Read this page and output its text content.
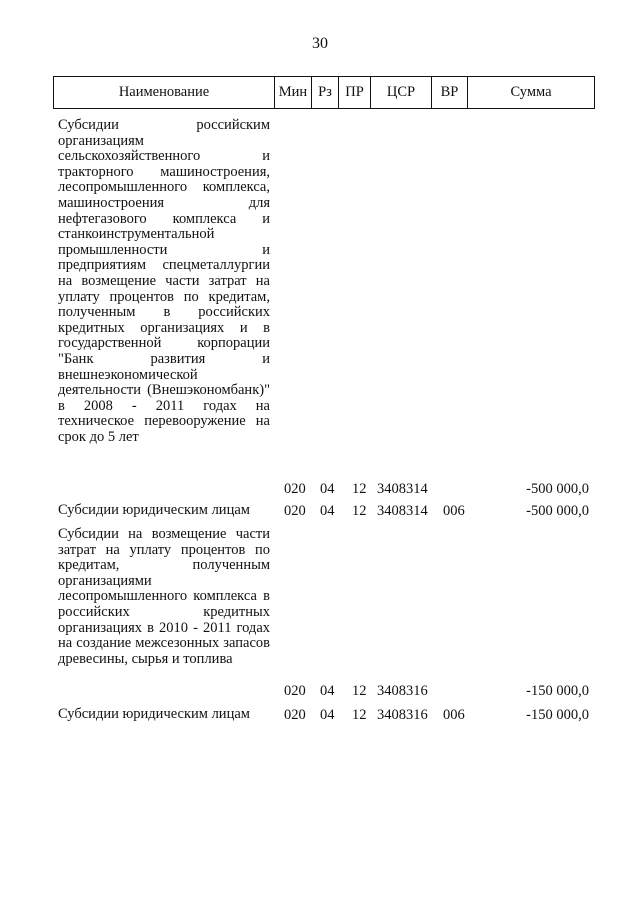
30
Наименование	Мин	Рз	ПР	ЦСР	ВР	Сумма
Субсидии российским организациям сельскохозяйственного и тракторного машиностроения, лесопромышленного комплекса, машиностроения для нефтегазового комплекса и станкоинструментальной промышленности и предприятиям спецметаллургии на возмещение части затрат на уплату процентов по кредитам, полученным в российских кредитных организациях и в государственной корпорации "Банк развития и внешнеэкономической деятельности (Внешэкономбанк)" в 2008 - 2011 годах на техническое перевооружение на срок до 5 лет
020 04 12 3408314	-500 000,0
Субсидии юридическим лицам	020 04 12 3408314 006	-500 000,0
Субсидии на возмещение части затрат на уплату процентов по кредитам, полученным организациями лесопромышленного комплекса в российских кредитных организациях в 2010 - 2011 годах на создание межсезонных запасов древесины, сырья и топлива
020 04 12 3408316	-150 000,0
Субсидии юридическим лицам	020 04 12 3408316 006	-150 000,0
